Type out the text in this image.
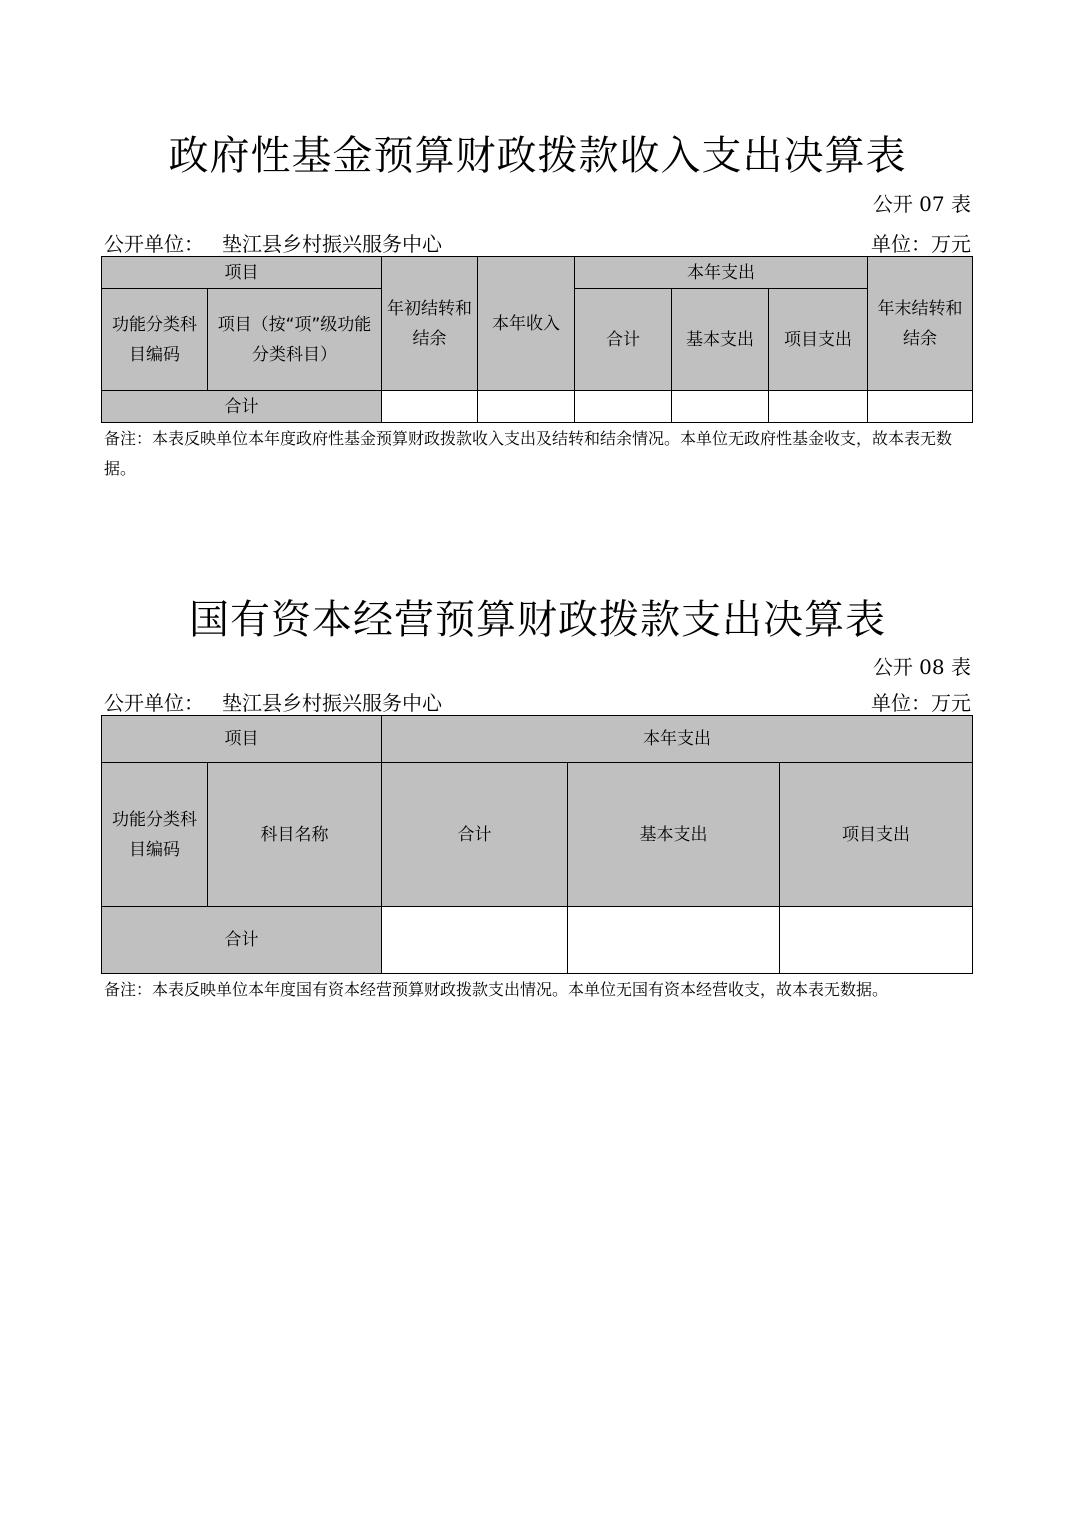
政府性基金预算财政拨款收入支出决算表
公开 07 表
公开单位： 垫江县乡村振兴服务中心	单位：万元
项目		年初结转和结余	本年收入	本年支出			年末结转和结余
功能分类科目编码	项目（按“项”级功能分类科目）			合计	基本支出	项目支出	
合计							
备注：本表反映单位本年度政府性基金预算财政拨款收入支出及结转和结余情况。本单位无政府性基金收支，故本表无数据。
国有资本经营预算财政拨款支出决算表
公开 08 表
公开单位： 垫江县乡村振兴服务中心	单位：万元
项目		本年支出		
功能分类科目编码	科目名称	合计	基本支出	项目支出
合计				
备注：本表反映单位本年度国有资本经营预算财政拨款支出情况。本单位无国有资本经营收支，故本表无数据。
